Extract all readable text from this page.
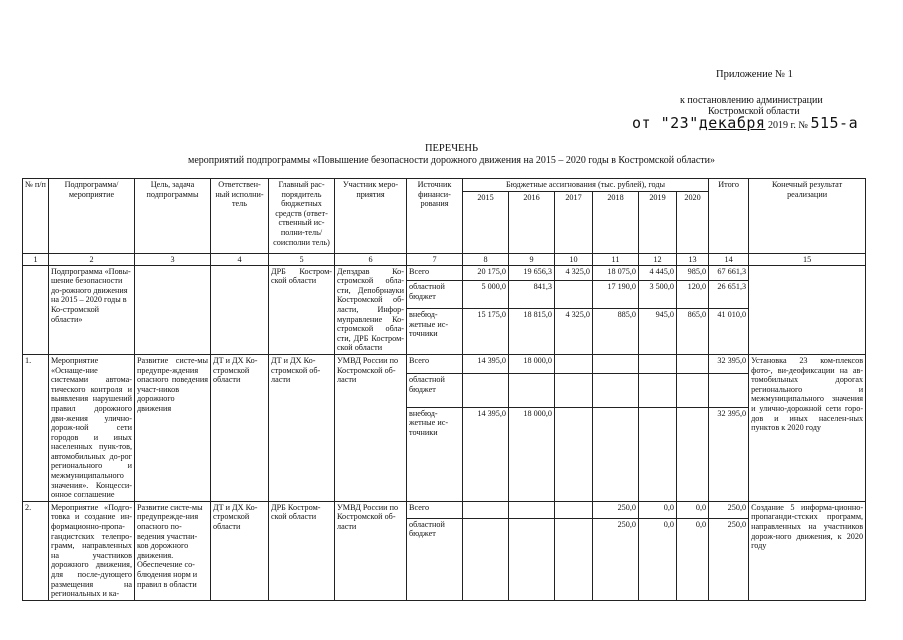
Приложение № 1
к постановлению администрации
Костромской области
от "23"декабря 2019 г. № 515-а
ПЕРЕЧЕНЬ
мероприятий подпрограммы «Повышение безопасности дорожного движения на 2015 – 2020 годы в Костромской области»
№ п/п	Подпрограмма/ мероприятие	Цель, задача подпрограммы	Ответствен-ный исполни-тель	Главный рас-порядитель бюджетных средств (ответ-ственный ис-полни-тель/соисполни тель)	Участник меро-приятия	Источник финанси-рования	Бюджетные ассигнования (тыс. рублей), годы						Итого	Конечный результат реализации
							2015	2016	2017	2018	2019	2020		
1	2	3	4	5	6	7	8	9	10	11	12	13	14	15
	Подпрограмма «Повы-шение безопасности до-рожного движения на 2015 – 2020 годы в Ко-стромской области»			ДРБ Костром-ской области	Депздрав Ко-стромской обла-сти, Депобрнауки Костромской об-ласти, Инфор-муправление Ко-стромской обла-сти, ДРБ Костром-ской области	Всего	20 175,0	19 656,3	4 325,0	18 075,0	4 445,0	985,0	67 661,3	
						областной бюджет	5 000,0	841,3		17 190,0	3 500,0	120,0	26 651,3	
						внебюд-жетные ис-точники	15 175,0	18 815,0	4 325,0	885,0	945,0	865,0	41 010,0	
1.	Мероприятие «Оснаще-ние системами автома-тического контроля и выявления нарушений правил дорожного дви-жения улично-дорож-ной сети городов и иных населенных пунк-тов, автомобильных до-рог регионального и межмуниципального значения». Концесси-онное соглашение	Развитие систе-мы предупре-ждения опасного поведения участ-ников дорожного движения	ДТ и ДХ Ко-стромской области	ДТ и ДХ Ко-стромской об-ласти	УМВД России по Костромской об-ласти	Всего	14 395,0	18 000,0					32 395,0	Установка 23 ком-плексов фото-, ви-деофиксации на ав-томобильных дорогах регионального и межмуниципального значения и улично-дорожной сети горо-дов и иных населен-ных пунктов к 2020 году
						областной бюджет								
						внебюд-жетные ис-точники	14 395,0	18 000,0					32 395,0	
2.	Мероприятие «Подго-товка и создание ин-формационно-пропа-гандистских телепро-грамм, направленных на участников дорожного движения, для после-дующего размещения на региональных и ка-	Развитие систе-мы предупрежде-ния опасного по-ведения участни-ков дорожного движения. Обеспечение со-блюдения норм и правил в области	ДТ и ДХ Ко-стромской области	ДРБ Костром-ской области	УМВД России по Костромской об-ласти	Всего				250,0	0,0	0,0	250,0	Создание 5 информа-ционно-пропаганди-стских программ, направленных на участников дорож-ного движения, к 2020 году
						областной бюджет				250,0	0,0	0,0	250,0	
